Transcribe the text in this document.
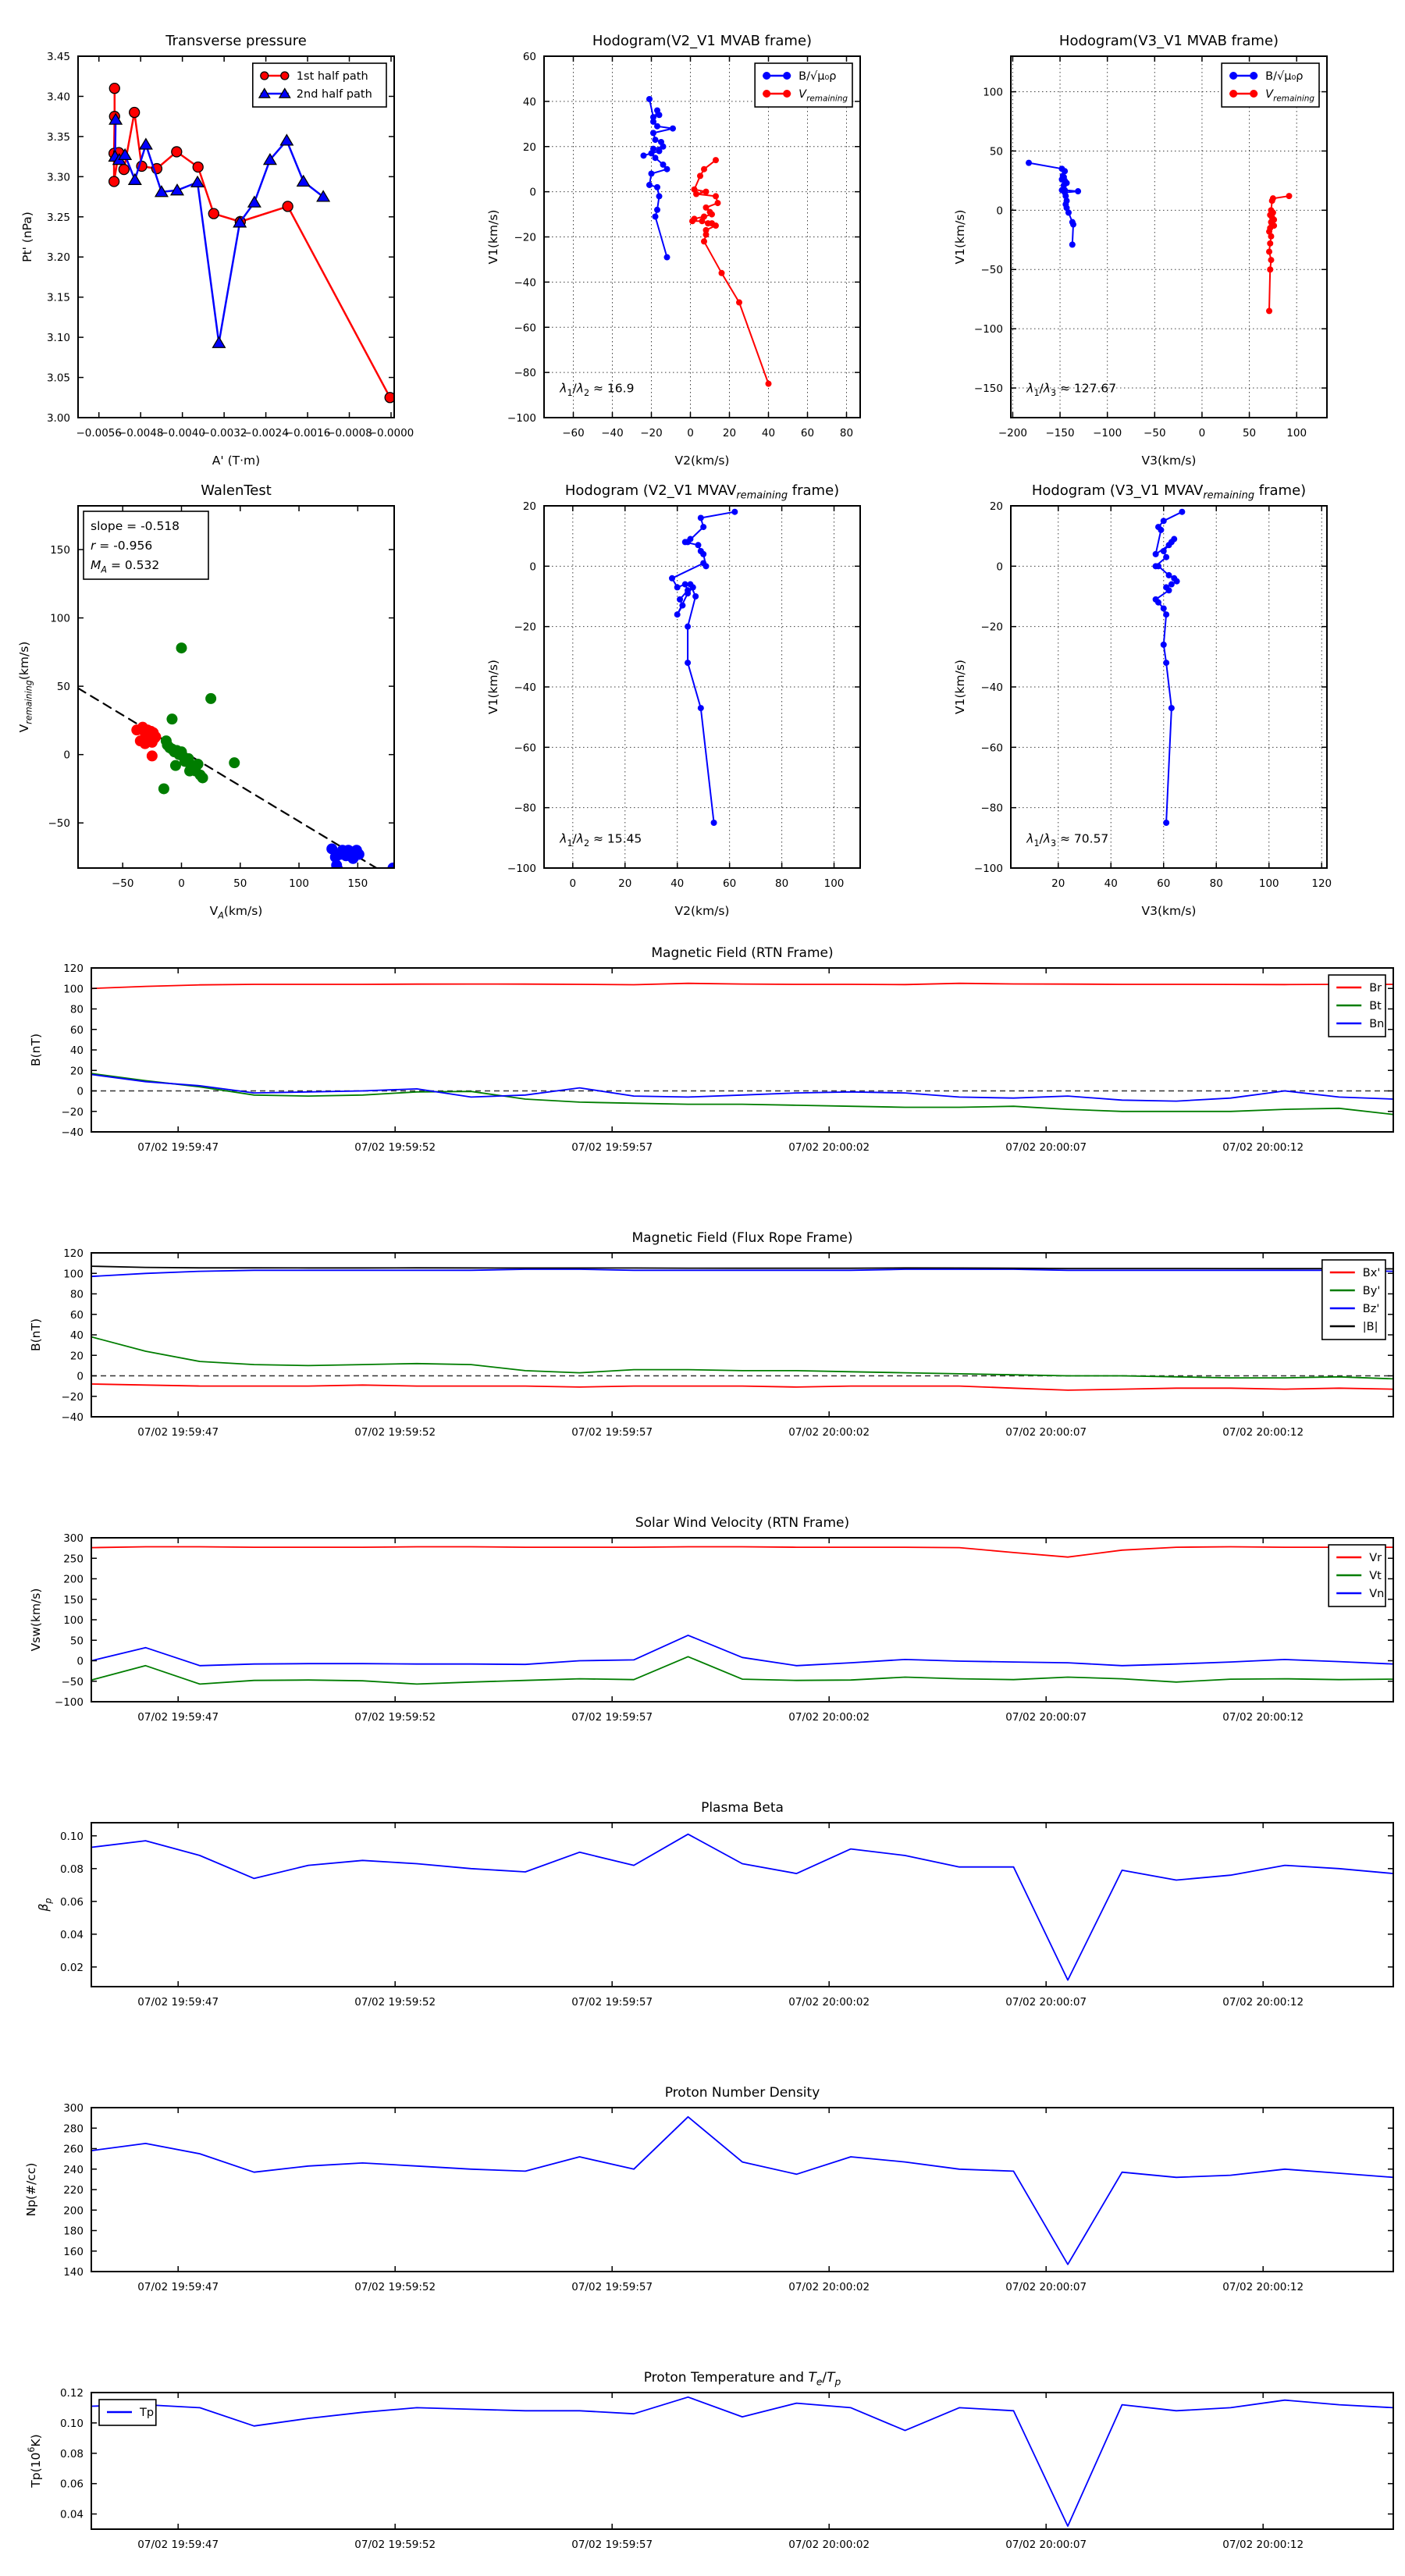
−0.0056
−0.0048
−0.0040
−0.0032
−0.0024
−0.0016
−0.0008
−0.0000
3.00
3.05
3.10
3.15
3.20
3.25
3.30
3.35
3.40
3.45
Transverse pressure
A' (T·m)
Pt' (nPa)
1st half path
2nd half path
−60 −40 −20 0	20 40 60 80
−100
−80
−60
−40
−20
0
20
40
60
Hodogram(V2_V1 MVAB frame)
V2(km/s)
V1(km/s)
$\lambda_1/\lambda_2 \approx 16.9$
B/√μ₀ρ
$V_{remaining}$
−200 −150 −100 −50	0	50	100
−150
−100
−50
0
50
100
Hodogram(V3_V1 MVAB frame)
V3(km/s)
V1(km/s)
$\lambda_1/\lambda_3 \approx 127.67$
B/√μ₀ρ
$V_{remaining}$
−50	0	50	100	150
−50
0
50
100
150
WalenTest
$V_A(km/s)$
$V_{remaining}(km/s)$
slope = -0.518
r = -0.956
$M_A = 0.532$
0	20	40	60	80	100
−100
−80
−60
−40
−20
0
20
Hodogram (V2_V1 $MVAV_{remaining}$ frame)
V2(km/s)
V1(km/s)
$\lambda_1/\lambda_2 \approx 15.45$
20	40	60	80	100	120
−100
−80
−60
−40
−20
0
20
Hodogram (V3_V1 $MVAV_{remaining}$ frame)
V3(km/s)
V1(km/s)
$\lambda_1/\lambda_3 \approx 70.57$
07/02 19:59:47	07/02 19:59:52	07/02 19:59:57	07/02 20:00:02	07/02 20:00:07	07/02 20:00:12
−40
−20
0
20
40
60
80
100
120
Magnetic Field (RTN Frame)
B(nT)
Br
Bt
Bn
07/02 19:59:47	07/02 19:59:52	07/02 19:59:57	07/02 20:00:02	07/02 20:00:07	07/02 20:00:12
−40
−20
0
20
40
60
80
100
120
Magnetic Field (Flux Rope Frame)
B(nT)
Bx'
By'
Bz'
|B|
07/02 19:59:47	07/02 19:59:52	07/02 19:59:57	07/02 20:00:02	07/02 20:00:07	07/02 20:00:12
−100
−50
0
50
100
150
200
250
300
Solar Wind Velocity (RTN Frame)
Vsw(km/s)
Vr
Vt
Vn
07/02 19:59:47	07/02 19:59:52	07/02 19:59:57	07/02 20:00:02	07/02 20:00:07	07/02 20:00:12
0.02
0.04
0.06
0.08
0.10
Plasma Beta
$\beta_p$
07/02 19:59:47	07/02 19:59:52	07/02 19:59:57	07/02 20:00:02	07/02 20:00:07	07/02 20:00:12
140
160
180
200
220
240
260
280
300
Proton Number Density
Np(#/cc)
07/02 19:59:47	07/02 19:59:52	07/02 19:59:57	07/02 20:00:02	07/02 20:00:07	07/02 20:00:12
0.04
0.06
0.08
0.10
0.12
Proton Temperature and $T_e/T_p$
$Tp(10^6K)$
Tp
